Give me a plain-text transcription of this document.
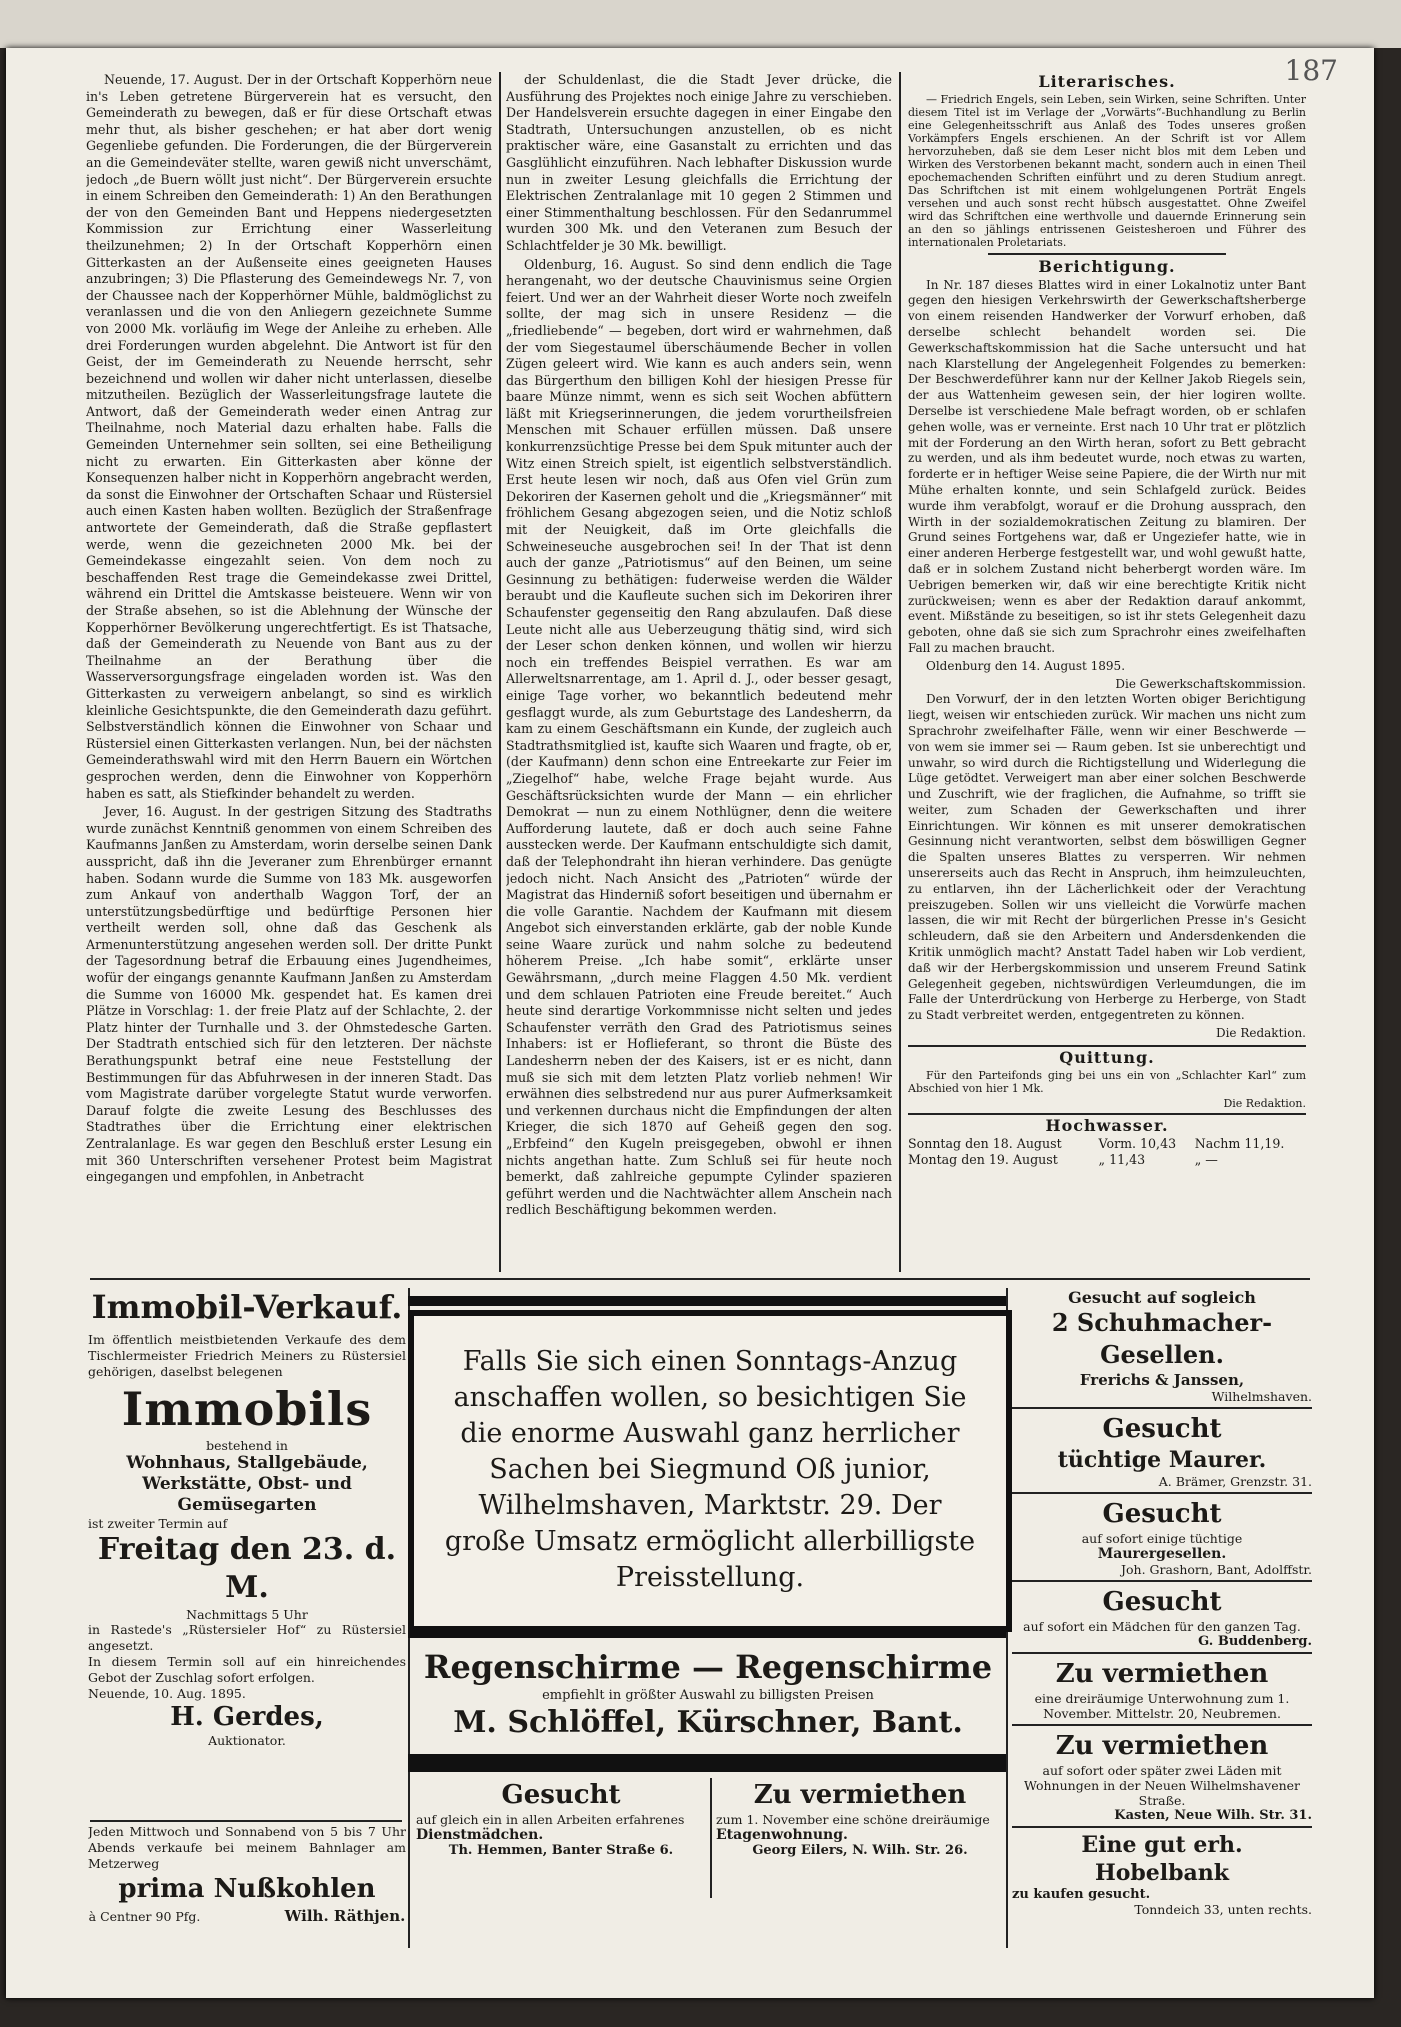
187

Neuende, 17. August. Der in der Ortschaft Kopperhörn neue in's Leben getretene Bürgerverein hat es versucht, den Gemeinderath zu bewegen, daß er für diese Ortschaft etwas mehr thut, als bisher geschehen; er hat aber dort wenig Gegenliebe gefunden. Die Forderungen, die der Bürgerverein an die Gemeindeväter stellte, waren gewiß nicht unverschämt, jedoch „de Buern wöllt just nicht“. Der Bürgerverein ersuchte in einem Schreiben den Gemeinderath: 1) An den Berathungen der von den Gemeinden Bant und Heppens niedergesetzten Kommission zur Errichtung einer Wasserleitung theilzunehmen; 2) In der Ortschaft Kopperhörn einen Gitterkasten an der Außenseite eines geeigneten Hauses anzubringen; 3) Die Pflasterung des Gemeindewegs Nr. 7, von der Chaussee nach der Kopperhörner Mühle, baldmöglichst zu veranlassen und die von den Anliegern gezeichnete Summe von 2000 Mk. vorläufig im Wege der Anleihe zu erheben. Alle drei Forderungen wurden abgelehnt. Die Antwort ist für den Geist, der im Gemeinderath zu Neuende herrscht, sehr bezeichnend und wollen wir daher nicht unterlassen, dieselbe mitzutheilen. Bezüglich der Wasserleitungsfrage lautete die Antwort, daß der Gemeinderath weder einen Antrag zur Theilnahme, noch Material dazu erhalten habe. Falls die Gemeinden Unternehmer sein sollten, sei eine Betheiligung nicht zu erwarten. Ein Gitterkasten aber könne der Konsequenzen halber nicht in Kopperhörn angebracht werden, da sonst die Einwohner der Ortschaften Schaar und Rüstersiel auch einen Kasten haben wollten. Bezüglich der Straßenfrage antwortete der Gemeinderath, daß die Straße gepflastert werde, wenn die gezeichneten 2000 Mk. bei der Gemeindekasse eingezahlt seien. Von dem noch zu beschaffenden Rest trage die Gemeindekasse zwei Drittel, während ein Drittel die Amtskasse beisteuere. Wenn wir von der Straße absehen, so ist die Ablehnung der Wünsche der Kopperhörner Bevölkerung ungerechtfertigt. Es ist Thatsache, daß der Gemeinderath zu Neuende von Bant aus zu der Theilnahme an der Berathung über die Wasserversorgungsfrage eingeladen worden ist. Was den Gitterkasten zu verweigern anbelangt, so sind es wirklich kleinliche Gesichtspunkte, die den Gemeinderath dazu geführt. Selbstverständlich können die Einwohner von Schaar und Rüstersiel einen Gitterkasten verlangen. Nun, bei der nächsten Gemeinderathswahl wird mit den Herrn Bauern ein Wörtchen gesprochen werden, denn die Einwohner von Kopperhörn haben es satt, als Stiefkinder behandelt zu werden.

Jever, 16. August. In der gestrigen Sitzung des Stadtraths wurde zunächst Kenntniß genommen von einem Schreiben des Kaufmanns Janßen zu Amsterdam, worin derselbe seinen Dank ausspricht, daß ihn die Jeveraner zum Ehrenbürger ernannt haben. Sodann wurde die Summe von 183 Mk. ausgeworfen zum Ankauf von anderthalb Waggon Torf, der an unterstützungsbedürftige und bedürftige Personen hier vertheilt werden soll, ohne daß das Geschenk als Armenunterstützung angesehen werden soll. Der dritte Punkt der Tagesordnung betraf die Erbauung eines Jugendheimes, wofür der eingangs genannte Kaufmann Janßen zu Amsterdam die Summe von 16000 Mk. gespendet hat. Es kamen drei Plätze in Vorschlag: 1. der freie Platz auf der Schlachte, 2. der Platz hinter der Turnhalle und 3. der Ohmstedesche Garten. Der Stadtrath entschied sich für den letzteren. Der nächste Berathungspunkt betraf eine neue Feststellung der Bestimmungen für das Abfuhrwesen in der inneren Stadt. Das vom Magistrate darüber vorgelegte Statut wurde verworfen. Darauf folgte die zweite Lesung des Beschlusses des Stadtrathes über die Errichtung einer elektrischen Zentralanlage. Es war gegen den Beschluß erster Lesung ein mit 360 Unterschriften versehener Protest beim Magistrat eingegangen und empfohlen, in Anbetracht

der Schuldenlast, die die Stadt Jever drücke, die Ausführung des Projektes noch einige Jahre zu verschieben. Der Handelsverein ersuchte dagegen in einer Eingabe den Stadtrath, Untersuchungen anzustellen, ob es nicht praktischer wäre, eine Gasanstalt zu errichten und das Gasglühlicht einzuführen. Nach lebhafter Diskussion wurde nun in zweiter Lesung gleichfalls die Errichtung der Elektrischen Zentralanlage mit 10 gegen 2 Stimmen und einer Stimmenthaltung beschlossen. Für den Sedanrummel wurden 300 Mk. und den Veteranen zum Besuch der Schlachtfelder je 30 Mk. bewilligt.

Oldenburg, 16. August. So sind denn endlich die Tage herangenaht, wo der deutsche Chauvinismus seine Orgien feiert. Und wer an der Wahrheit dieser Worte noch zweifeln sollte, der mag sich in unsere Residenz — die „friedliebende“ — begeben, dort wird er wahrnehmen, daß der vom Siegestaumel überschäumende Becher in vollen Zügen geleert wird. Wie kann es auch anders sein, wenn das Bürgerthum den billigen Kohl der hiesigen Presse für baare Münze nimmt, wenn es sich seit Wochen abfüttern läßt mit Kriegserinnerungen, die jedem vorurtheilsfreien Menschen mit Schauer erfüllen müssen. Daß unsere konkurrenzsüchtige Presse bei dem Spuk mitunter auch der Witz einen Streich spielt, ist eigentlich selbstverständlich. Erst heute lesen wir noch, daß aus Ofen viel Grün zum Dekoriren der Kasernen geholt und die „Kriegsmänner“ mit fröhlichem Gesang abgezogen seien, und die Notiz schloß mit der Neuigkeit, daß im Orte gleichfalls die Schweineseuche ausgebrochen sei! In der That ist denn auch der ganze „Patriotismus“ auf den Beinen, um seine Gesinnung zu bethätigen: fuderweise werden die Wälder beraubt und die Kaufleute suchen sich im Dekoriren ihrer Schaufenster gegenseitig den Rang abzulaufen. Daß diese Leute nicht alle aus Ueberzeugung thätig sind, wird sich der Leser schon denken können, und wollen wir hierzu noch ein treffendes Beispiel verrathen. Es war am Allerweltsnarrentage, am 1. April d. J., oder besser gesagt, einige Tage vorher, wo bekanntlich bedeutend mehr gesflaggt wurde, als zum Geburtstage des Landesherrn, da kam zu einem Geschäftsmann ein Kunde, der zugleich auch Stadtrathsmitglied ist, kaufte sich Waaren und fragte, ob er, (der Kaufmann) denn schon eine Entreekarte zur Feier im „Ziegelhof“ habe, welche Frage bejaht wurde. Aus Geschäftsrücksichten wurde der Mann — ein ehrlicher Demokrat — nun zu einem Nothlügner, denn die weitere Aufforderung lautete, daß er doch auch seine Fahne ausstecken werde. Der Kaufmann entschuldigte sich damit, daß der Telephondraht ihn hieran verhindere. Das genügte jedoch nicht. Nach Ansicht des „Patrioten“ würde der Magistrat das Hinderniß sofort beseitigen und übernahm er die volle Garantie. Nachdem der Kaufmann mit diesem Angebot sich einverstanden erklärte, gab der noble Kunde seine Waare zurück und nahm solche zu bedeutend höherem Preise. „Ich habe somit“, erklärte unser Gewährsmann, „durch meine Flaggen 4.50 Mk. verdient und dem schlauen Patrioten eine Freude bereitet.“ Auch heute sind derartige Vorkommnisse nicht selten und jedes Schaufenster verräth den Grad des Patriotismus seines Inhabers: ist er Hoflieferant, so thront die Büste des Landesherrn neben der des Kaisers, ist er es nicht, dann muß sie sich mit dem letzten Platz vorlieb nehmen! Wir erwähnen dies selbstredend nur aus purer Aufmerksamkeit und verkennen durchaus nicht die Empfindungen der alten Krieger, die sich 1870 auf Geheiß gegen den sog. „Erbfeind“ den Kugeln preisgegeben, obwohl er ihnen nichts angethan hatte. Zum Schluß sei für heute noch bemerkt, daß zahlreiche gepumpte Cylinder spazieren geführt werden und die Nachtwächter allem Anschein nach redlich Beschäftigung bekommen werden.

Literarisches.

— Friedrich Engels, sein Leben, sein Wirken, seine Schriften. Unter diesem Titel ist im Verlage der „Vorwärts“-Buchhandlung zu Berlin eine Gelegenheitsschrift aus Anlaß des Todes unseres großen Vorkämpfers Engels erschienen. An der Schrift ist vor Allem hervorzuheben, daß sie dem Leser nicht blos mit dem Leben und Wirken des Verstorbenen bekannt macht, sondern auch in einen Theil epochemachenden Schriften einführt und zu deren Studium anregt. Das Schriftchen ist mit einem wohlgelungenen Porträt Engels versehen und auch sonst recht hübsch ausgestattet. Ohne Zweifel wird das Schriftchen eine werthvolle und dauernde Erinnerung sein an den so jählings entrissenen Geistesheroen und Führer des internationalen Proletariats.

Berichtigung.

In Nr. 187 dieses Blattes wird in einer Lokalnotiz unter Bant gegen den hiesigen Verkehrswirth der Gewerkschaftsherberge von einem reisenden Handwerker der Vorwurf erhoben, daß derselbe schlecht behandelt worden sei. Die Gewerkschaftskommission hat die Sache untersucht und hat nach Klarstellung der Angelegenheit Folgendes zu bemerken: Der Beschwerdeführer kann nur der Kellner Jakob Riegels sein, der aus Wattenheim gewesen sein, der hier logiren wollte. Derselbe ist verschiedene Male befragt worden, ob er schlafen gehen wolle, was er verneinte. Erst nach 10 Uhr trat er plötzlich mit der Forderung an den Wirth heran, sofort zu Bett gebracht zu werden, und als ihm bedeutet wurde, noch etwas zu warten, forderte er in heftiger Weise seine Papiere, die der Wirth nur mit Mühe erhalten konnte, und sein Schlafgeld zurück. Beides wurde ihm verabfolgt, worauf er die Drohung aussprach, den Wirth in der sozialdemokratischen Zeitung zu blamiren. Der Grund seines Fortgehens war, daß er Ungeziefer hatte, wie in einer anderen Herberge festgestellt war, und wohl gewußt hatte, daß er in solchem Zustand nicht beherbergt worden wäre. Im Uebrigen bemerken wir, daß wir eine berechtigte Kritik nicht zurückweisen; wenn es aber der Redaktion darauf ankommt, event. Mißstände zu beseitigen, so ist ihr stets Gelegenheit dazu geboten, ohne daß sie sich zum Sprachrohr eines zweifelhaften Fall zu machen braucht.

Oldenburg den 14. August 1895.

Die Gewerkschaftskommission.

Den Vorwurf, der in den letzten Worten obiger Berichtigung liegt, weisen wir entschieden zurück. Wir machen uns nicht zum Sprachrohr zweifelhafter Fälle, wenn wir einer Beschwerde — von wem sie immer sei — Raum geben. Ist sie unberechtigt und unwahr, so wird durch die Richtigstellung und Widerlegung die Lüge getödtet. Verweigert man aber einer solchen Beschwerde und Zuschrift, wie der fraglichen, die Aufnahme, so trifft sie weiter, zum Schaden der Gewerkschaften und ihrer Einrichtungen. Wir können es mit unserer demokratischen Gesinnung nicht verantworten, selbst dem böswilligen Gegner die Spalten unseres Blattes zu versperren. Wir nehmen unsererseits auch das Recht in Anspruch, ihm heimzuleuchten, zu entlarven, ihn der Lächerlichkeit oder der Verachtung preiszugeben. Sollen wir uns vielleicht die Vorwürfe machen lassen, die wir mit Recht der bürgerlichen Presse in's Gesicht schleudern, daß sie den Arbeitern und Andersdenkenden die Kritik unmöglich macht? Anstatt Tadel haben wir Lob verdient, daß wir der Herbergskommission und unserem Freund Satink Gelegenheit gegeben, nichtswürdigen Verleumdungen, die im Falle der Unterdrückung von Herberge zu Herberge, von Stadt zu Stadt verbreitet werden, entgegentreten zu können.

Die Redaktion.
Quittung.

Für den Parteifonds ging bei uns ein von „Schlachter Karl“ zum Abschied von hier 1 Mk.

Die Redaktion.
Hochwasser.
Sonntag den 18. August	Vorm. 10,43	Nachm 11,19.
Montag den 19. August	„ 11,43	„ —
Immobil-Verkauf.
Im öffentlich meistbietenden Verkaufe des dem Tischlermeister Friedrich Meiners zu Rüstersiel gehörigen, daselbst belegenen
Immobils
bestehend in
Wohnhaus, Stallgebäude, Werkstätte, Obst- und Gemüsegarten
ist zweiter Termin auf
Freitag den 23. d. M.
Nachmittags 5 Uhr
in Rastede's „Rüstersieler Hof“ zu Rüstersiel angesetzt.
In diesem Termin soll auf ein hinreichendes Gebot der Zuschlag sofort erfolgen.
Neuende, 10. Aug. 1895.
H. Gerdes,
Auktionator.
Jeden Mittwoch und Sonnabend von 5 bis 7 Uhr Abends verkaufe bei meinem Bahnlager am Metzerweg
prima Nußkohlen
à Centner 90 Pfg.	Wilh. Räthjen.
Falls Sie sich einen Sonntags-Anzug anschaffen wollen, so besichtigen Sie die enorme Auswahl ganz herrlicher Sachen bei Siegmund Oß junior, Wilhelmshaven, Marktstr. 29. Der große Umsatz ermöglicht allerbilligste Preisstellung.
Regenschirme — Regenschirme
empfiehlt in größter Auswahl zu billigsten Preisen
M. Schlöffel, Kürschner, Bant.
Gesucht
auf gleich ein in allen Arbeiten erfahrenes
Dienstmädchen.
Th. Hemmen, Banter Straße 6.
Zu vermiethen
zum 1. November eine schöne dreiräumige
Etagenwohnung.
Georg Eilers, N. Wilh. Str. 26.
Gesucht auf sogleich
2 Schuhmacher-Gesellen.
Frerichs & Janssen,
Wilhelmshaven.
Gesucht
tüchtige Maurer.
A. Brämer, Grenzstr. 31.
Gesucht
auf sofort einige tüchtige
Maurergesellen.
Joh. Grashorn, Bant, Adolffstr.
Gesucht
auf sofort ein Mädchen für den ganzen Tag.
G. Buddenberg.
Zu vermiethen
eine dreiräumige Unterwohnung zum 1. November. Mittelstr. 20, Neubremen.
Zu vermiethen
auf sofort oder später zwei Läden mit Wohnungen in der Neuen Wilhelmshavener Straße.
Kasten, Neue Wilh. Str. 31.
Eine gut erh. Hobelbank
zu kaufen gesucht.
Tonndeich 33, unten rechts.
